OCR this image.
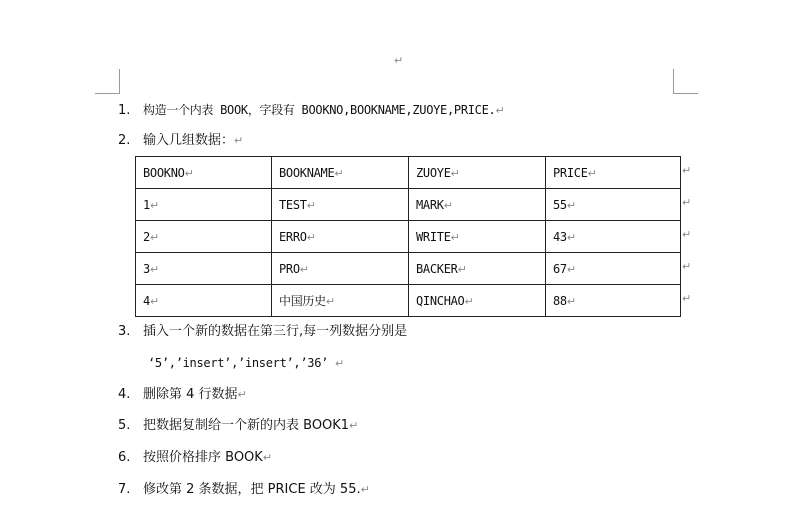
↵
1. 构造一个内表 BOOK，字段有 BOOKNO,BOOKNAME,ZUOYE,PRICE.↵
2. 输入几组数据：↵
BOOKNO↵	BOOKNAME↵	ZUOYE↵	PRICE↵
1↵	TEST↵	MARK↵	55↵
2↵	ERRO↵	WRITE↵	43↵
3↵	PRO↵	BACKER↵	67↵
4↵	中国历史↵	QINCHAO↵	88↵
↵
↵
↵
↵
↵
3. 插入一个新的数据在第三行,每一列数据分别是
‘5’,’insert’,’insert’,’36’ ↵
4. 删除第 4 行数据↵
5. 把数据复制给一个新的内表 BOOK1↵
6. 按照价格排序 BOOK↵
7. 修改第 2 条数据，把 PRICE 改为 55.↵
